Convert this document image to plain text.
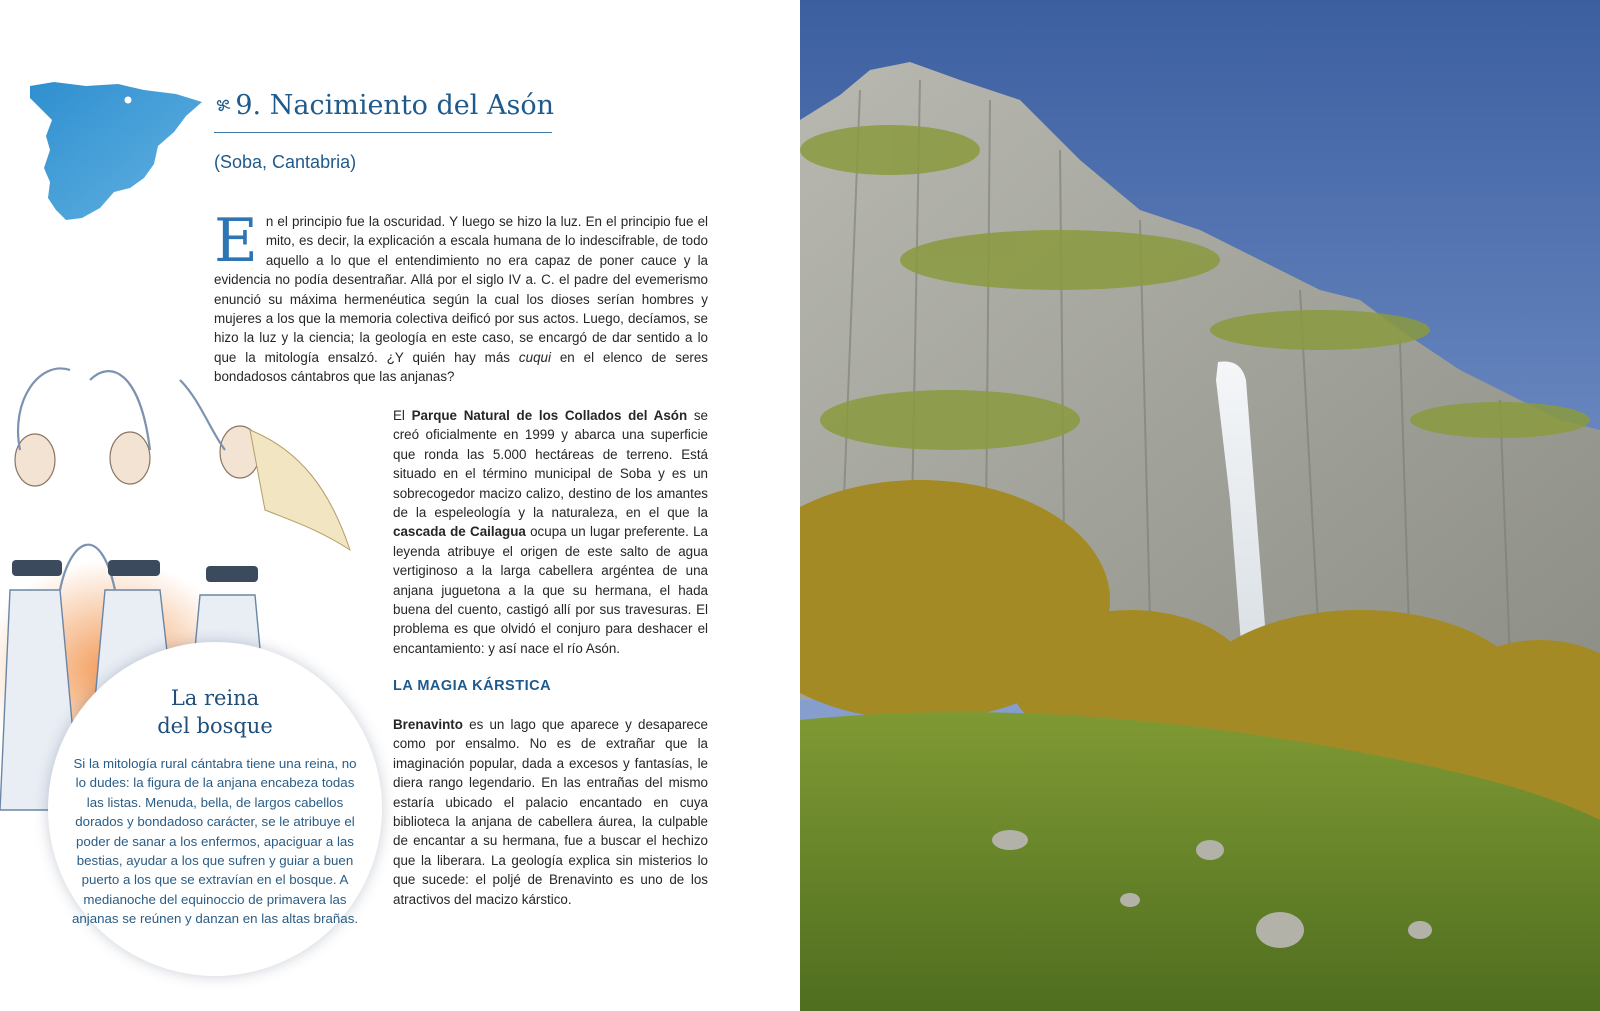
9. Nacimiento del Asón
(Soba, Cantabria)
En el principio fue la oscuridad. Y luego se hizo la luz. En el principio fue el mito, es decir, la explicación a escala humana de lo indescifrable, de todo aquello a lo que el entendimiento no era capaz de poner cauce y la evidencia no podía desentrañar. Allá por el siglo IV a. C. el padre del evemerismo enunció su máxima hermenéutica según la cual los dioses serían hombres y mujeres a los que la memoria colectiva deificó por sus actos. Luego, decíamos, se hizo la luz y la ciencia; la geología en este caso, se encargó de dar sentido a lo que la mitología ensalzó. ¿Y quién hay más cuqui en el elenco de seres bondadosos cántabros que las anjanas?

El Parque Natural de los Collados del Asón se creó oficialmente en 1999 y abarca una superficie que ronda las 5.000 hectáreas de terreno. Está situado en el término municipal de Soba y es un sobrecogedor macizo calizo, destino de los amantes de la espeleología y la naturaleza, en el que la cascada de Cailagua ocupa un lugar preferente. La leyenda atribuye el origen de este salto de agua vertiginoso a la larga cabellera argéntea de una anjana juguetona a la que su hermana, el hada buena del cuento, castigó allí por sus travesuras. El problema es que olvidó el conjuro para deshacer el encantamiento: y así nace el río Asón.

LA MAGIA KÁRSTICA
Brenavinto es un lago que aparece y desaparece como por ensalmo. No es de extrañar que la imaginación popular, dada a excesos y fantasías, le diera rango legendario. En las entrañas del mismo estaría ubicado el palacio encantado en cuya biblioteca la anjana de cabellera áurea, la culpable de encantar a su hermana, fue a buscar el hechizo que la liberara. La geología explica sin misterios lo que sucede: el poljé de Brenavinto es uno de los atractivos del macizo kárstico.
La reina
del bosque
Si la mitología rural cántabra tiene una reina, no lo dudes: la figura de la anjana encabeza todas las listas. Menuda, bella, de largos cabellos dorados y bondadoso carácter, se le atribuye el poder de sanar a los enfermos, apaciguar a las bestias, ayudar a los que sufren y guiar a buen puerto a los que se extravían en el bosque. A medianoche del equinoccio de primavera las anjanas se reúnen y danzan en las altas brañas.
